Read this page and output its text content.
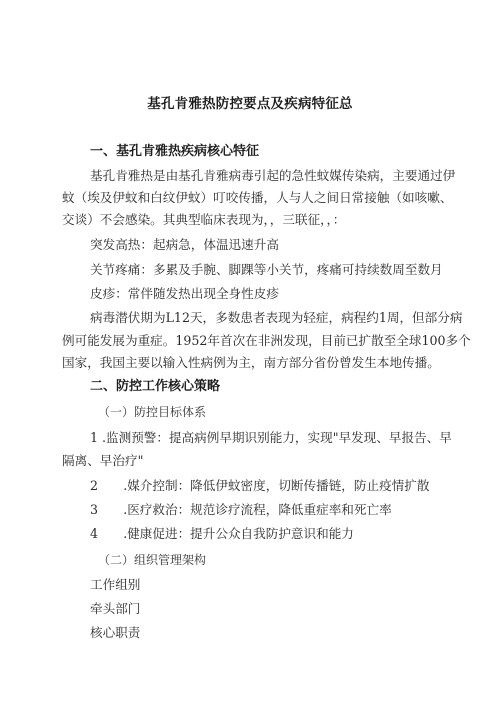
基孔肯雅热防控要点及疾病特征总
一、基孔肯雅热疾病核心特征
基孔肯雅热是由基孔肯雅病毒引起的急性蚊媒传染病，主要通过伊
蚊（埃及伊蚊和白纹伊蚊）叮咬传播，人与人之间日常接触（如咳嗽、
交谈）不会感染。其典型临床表现为，，三联征，，：
突发高热：起病急，体温迅速升高
关节疼痛：多累及手腕、脚踝等小关节，疼痛可持续数周至数月
皮疹：常伴随发热出现全身性皮疹
病毒潜伏期为L12天，多数患者表现为轻症，病程约1周，但部分病
例可能发展为重症。1952年首次在非洲发现，目前已扩散至全球100多个
国家，我国主要以输入性病例为主，南方部分省份曾发生本地传播。
二、防控工作核心策略
（一）防控目标体系
1 .监测预警：提高病例早期识别能力，实现"早发现、早报告、早
隔离、早治疗"
2　　.媒介控制：降低伊蚊密度，切断传播链，防止疫情扩散
3　　.医疗救治：规范诊疗流程，降低重症率和死亡率
4　　.健康促进：提升公众自我防护意识和能力
（二）组织管理架构
工作组别
牵头部门
核心职责
